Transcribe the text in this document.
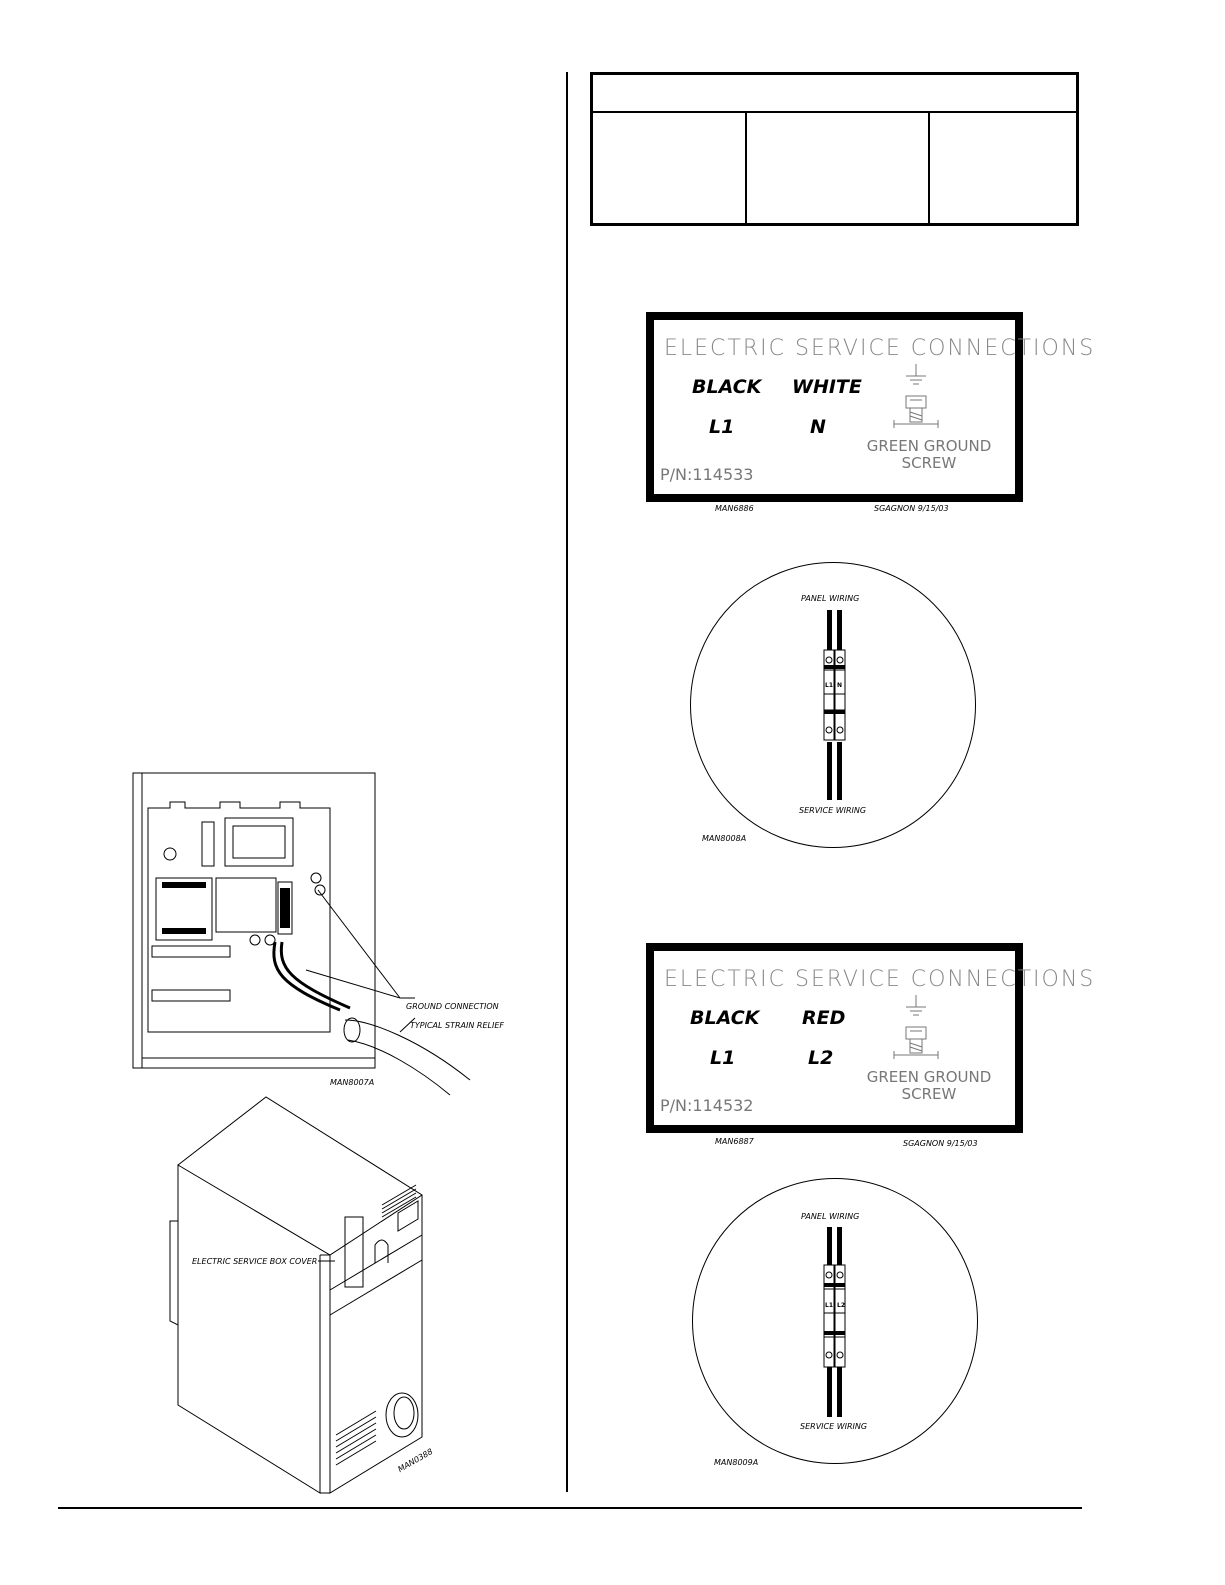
ELECTRIC SERVICE CONNECTIONS
BLACK WHITE
L1	N
GREEN GROUND
SCREW
P/N:114533
MAN6886	SGAGNON 9/15/03
PANEL WIRING
SERVICE WIRING
L1 N
MAN8008A
ELECTRIC SERVICE CONNECTIONS
BLACK RED
L1	L2
GREEN GROUND
SCREW
P/N:114532
MAN6887	SGAGNON 9/15/03
PANEL WIRING
SERVICE WIRING
L1 L2
MAN8009A
GROUND CONNECTION
TYPICAL STRAIN RELIEF
MAN8007A
ELECTRIC SERVICE BOX COVER
MAN0388
